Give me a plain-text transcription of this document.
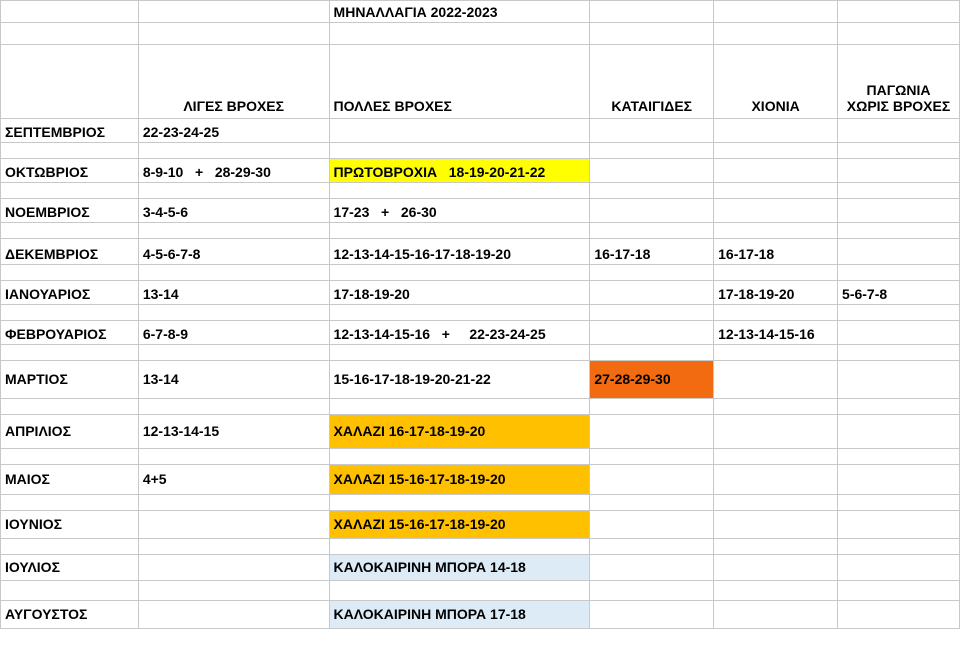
		ΜΗΝΑΛΛΑΓΙΑ 2022-2023			

	ΛΙΓΕΣ ΒΡΟΧΕΣ	ΠΟΛΛΕΣ ΒΡΟΧΕΣ	ΚΑΤΑΙΓΙΔΕΣ	ΧΙΟΝΙΑ	ΠΑΓΩΝΙΑ
ΧΩΡΙΣ ΒΡΟΧΕΣ

ΣΕΠΤΕΜΒΡΙΟΣ	22-23-24-25				

ΟΚΤΩΒΡΙΟΣ	8-9-10   +   28-29-30	ΠΡΩΤΟΒΡΟΧΙΑ   18-19-20-21-22			

ΝΟΕΜΒΡΙΟΣ	3-4-5-6	17-23   +   26-30			

ΔΕΚΕΜΒΡΙΟΣ	4-5-6-7-8	12-13-14-15-16-17-18-19-20	16-17-18	16-17-18	

ΙΑΝΟΥΑΡΙΟΣ	13-14	17-18-19-20		17-18-19-20	5-6-7-8

ΦΕΒΡΟΥΑΡΙΟΣ	6-7-8-9	12-13-14-15-16   +     22-23-24-25		12-13-14-15-16	

ΜΑΡΤΙΟΣ	13-14	15-16-17-18-19-20-21-22	27-28-29-30		

ΑΠΡΙΛΙΟΣ	12-13-14-15	ΧΑΛΑΖΙ 16-17-18-19-20			

ΜΑΙΟΣ	4+5	ΧΑΛΑΖΙ 15-16-17-18-19-20			

ΙΟΥΝΙΟΣ		ΧΑΛΑΖΙ 15-16-17-18-19-20			

ΙΟΥΛΙΟΣ		ΚΑΛΟΚΑΙΡΙΝΗ ΜΠΟΡΑ 14-18			

ΑΥΓΟΥΣΤΟΣ		ΚΑΛΟΚΑΙΡΙΝΗ ΜΠΟΡΑ 17-18			
